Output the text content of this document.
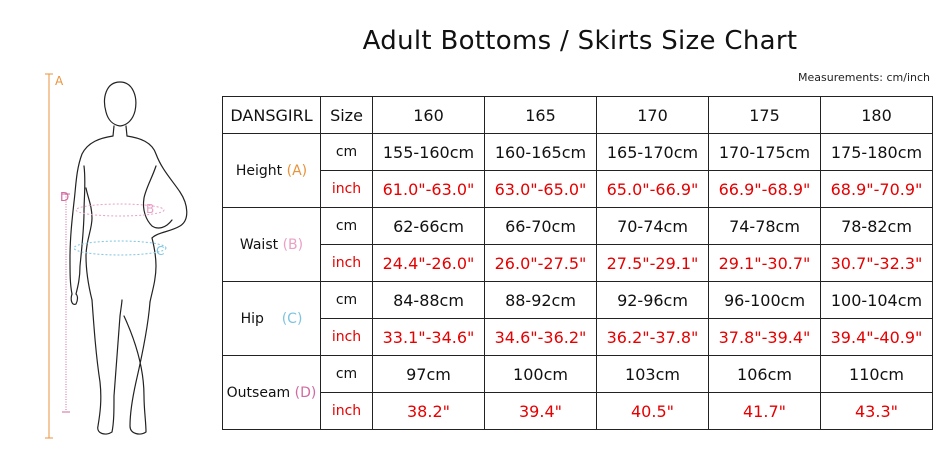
Adult Bottoms / Skirts Size Chart
Measurements: cm/inch
A
B
C
D
DANSGIRL	Size	160	165	170	175	180
Height (A)	cm	155-160cm	160-165cm	165-170cm	170-175cm	175-180cm
	inch	61.0"-63.0"	63.0"-65.0"	65.0"-66.9"	66.9"-68.9"	68.9"-70.9"
Waist (B)	cm	62-66cm	66-70cm	70-74cm	74-78cm	78-82cm
	inch	24.4"-26.0"	26.0"-27.5"	27.5"-29.1"	29.1"-30.7"	30.7"-32.3"
Hip (C)	cm	84-88cm	88-92cm	92-96cm	96-100cm	100-104cm
	inch	33.1"-34.6"	34.6"-36.2"	36.2"-37.8"	37.8"-39.4"	39.4"-40.9"
Outseam (D)	cm	97cm	100cm	103cm	106cm	110cm
	inch	38.2"	39.4"	40.5"	41.7"	43.3"
